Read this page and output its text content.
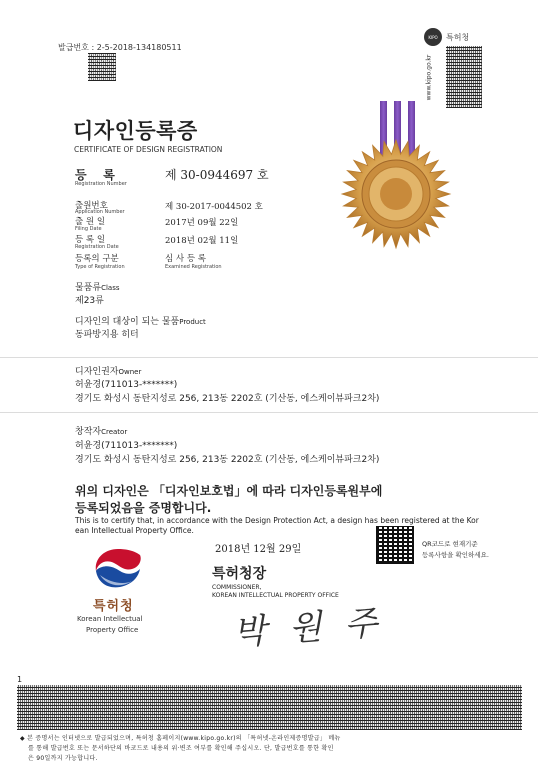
발급번호 : 2-5-2018-134180511
KIPO 특허청
www.kipo.go.kr
디자인등록증
CERTIFICATE OF DESIGN REGISTRATION
등    록
Registration Number
제 30-0944697 호
출원번호
Application Number	제 30-2017-0044502 호
출 원 일
Filing Date
2017년 09월 22일
등 록 일
Registration Date
2018년 02월 11일
등록의 구분
Type of Registration
심 사 등 록
Examined Registration
물품류Class
제23류
디자인의 대상이 되는 물품Product
동파방지용 히터
디자인권자Owner
허윤경(711013-*******)
경기도 화성시 동탄지성로 256, 213동 2202호 (기산동, 에스케이뷰파크2차)
창작자Creator
허윤경(711013-*******)
경기도 화성시 동탄지성로 256, 213동 2202호 (기산동, 에스케이뷰파크2차)
위의 디자인은 「디자인보호법」에 따라 디자인등록원부에
등록되었음을 증명합니다.
This is to certify that, in accordance with the Design Protection Act, a design has been registered at the Kor
ean Intellectual Property Office.
2018년 12월 29일	QR코드로 현재기준
등록사항을 확인하세요.
특허청
Korean Intellectual
Property Office
특허청장
COMMISSIONER,
KOREAN INTELLECTUAL PROPERTY OFFICE
박 원 주
1
◆ 본 증명서는 인터넷으로 발급되었으며, 특허청 홈페이지(www.kipo.go.kr)의 「특허넷-온라인제증명발급」 메뉴
를 통해 발급번호 또는 문서하단의 바코드로 내용의 위·변조 여부를 확인해 주십시오. 단, 발급번호를 통한 확인
은 90일까지 가능합니다.
